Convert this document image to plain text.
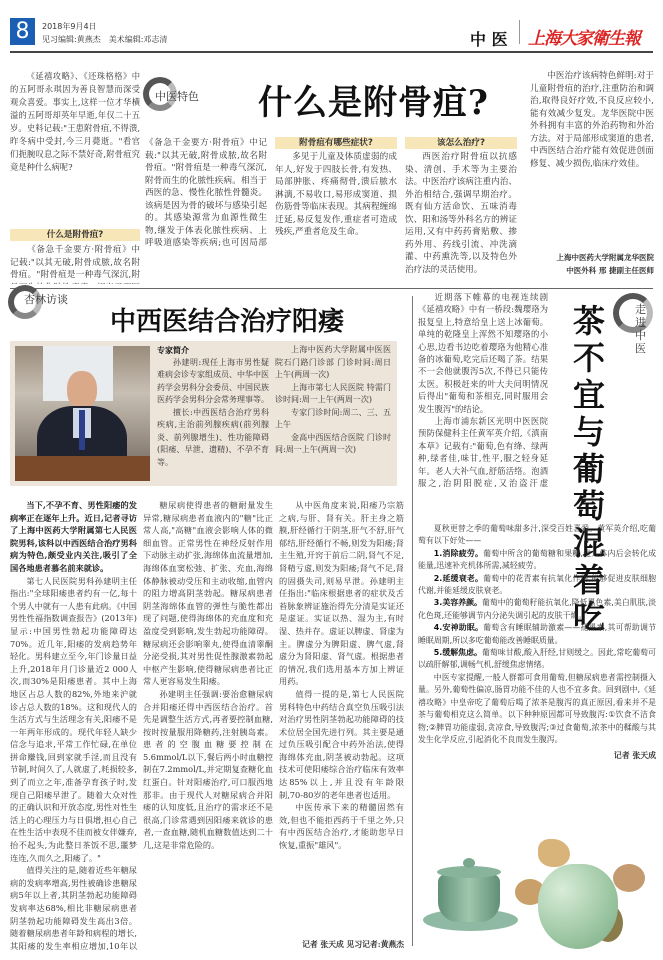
8	2018年9月4日
见习编辑:黄燕杰　美术编辑:邓志清	中 医 上海大家衛生報

《延禧攻略》、《还珠格格》中的五阿哥永琪因为善良智慧而深受观众喜爱。事实上,这样一位才华横溢的五阿哥却英年早逝,年仅二十五岁。史料记载:"王患附骨疽,不得溃,昨冬病中受封,今三月薨逝。"看官们扼腕叹息之际不禁好奇,附骨疽究竟是种什么病呢?

什么是附骨疽?

《备急千金要方·附骨疽》中记载:"以其无破,附骨成脓,故名附骨疽。"附骨疽是一种毒气深沉,附

中医特色 什么是附骨疽?

《备急千金要方·附骨疽》中记载:"以其无破,附骨成脓,故名附骨疽。"附骨疽是一种毒气深沉,附骨而生的化脓性疾病。相当于西医的急、慢性化脓性骨髓炎。该病是因为骨的破坏与感染引起的。其感染源常为血源性微生物,继发于体表化脓性疾病、上呼吸道感染等疾病;也可因局部

附骨疽有哪些症状?

多见于儿童及体质虚弱的成年人,好发于四肢长骨,有发热、局部肿胀、疼痛彻骨,溃后脓水淋漓,不易收口,易形成窦道、损伤筋骨等临床表现。其病程缠绵迁延,易反复发作,重症者可造成残疾,严重者危及生命。

该怎么治疗?

西医治疗附骨疽以抗感染、清创、手术等为主要治法。中医治疗该病注重内治、外治相结合,强调早期治疗。既有仙方活命饮、五味消毒饮、阳和汤等外科名方的辨证运用,又有中药药膏贴敷、掺药外用、药线引流、冲洗滴灌、中药熏洗等,以及特色外治疗法的灵活使用。

中医治疗该病特色鲜明:对于儿童附骨疽的治疗,注重防治和调治,取得良好疗效,不良反应较小,能有效减少复发。龙华医院中医外科拥有丰富的外治药物和外治方法。对于局部形成窦道的患者,中西医结合治疗能有效促进创面修复、减少损伤,临床疗效佳。

上海中医药大学附属龙华医院
中医外科 邢 捷副主任医师
杏林访谈
中西医结合治疗阳痿
专家简介

孙建明:现任上海市男性疑难病会诊专家组成员、中华中医药学会男科分会委员、中国民族医药学会男科分会常务理事等。

擅长:中西医结合治疗男科疾病,主治前列腺疾病(前列腺炎、前列腺增生)、性功能障碍(阳痿、早泄、遗精)、不孕不育等。

上海中医药大学附属中医医院石门路门诊部 门诊时间:周日上午(两周一次)

上海市第七人民医院 特需门诊时间:周一上午(两周一次)

专家门诊时间:周二、三、五上午

金高中西医结合医院 门诊时间:周一上午(两周一次)

当下,不孕不育、男性阳痿的发病率正在逐年上升。近日,记者寻访了上海中医药大学附属第七人民医院男科,该科以中西医结合治疗男科病为特色,颇受业内关注,吸引了全国各地患者慕名前来就诊。

第七人民医院男科孙建明主任指出:"全球阳痿患者约有一亿,每十个男人中就有一人患有此病。《中国男性性福指数调查报告》(2013年)显示:中国男性勃起功能障碍达70%。近几年,阳痿的发病趋势年轻化。男科建立至今,年门诊量日益上升,2018年月门诊量近2 000人次,而30%是阳痿患者。其中上海地区占总人数的82%,外地来沪就诊占总人数的18%。这和现代人的生活方式与生活理念有关,阳痿不是一年两年形成的。现代年轻人缺少信念与追求,平常工作忙碌,在单位拼命赚钱,回到家就手淫,而且没有节制,时间久了,人就虚了,耗损较多,到了而立之年,准备孕育孩子时,发现自己阳痿早泄了。随着大众对性的正确认识和开放态度,男性对性生活上的心理压力与日俱增,担心自己在性生活中表现不佳而被女伴嫌弃,抬不起头,为此整日茶饭不思,噩梦连连,久而久之,阳痿了。"

值得关注的是,随着近些年糖尿病的发病率增高,男性被确诊患糖尿病5年以上者,其阴茎勃起功能障碍发病率达68%,相比非糖尿病患者阴茎勃起功能障碍发生高出3倍。随着糖尿病患者年龄和病程的增长,其阳痿的发生率相应增加,10年以

糖尿病使得患者的糖耐量发生异常,糖尿病患者血液内的"糖"比正常人高,"高糖"血液会影响人体的微细血管。正常男性在神经反射作用下动脉主动扩张,海绵体血流量增加,海绵体血窦松弛、扩张、充血,海绵体静脉被动受压和主动收缩,血管内的阻力增高阴茎勃起。糖尿病患者阴茎海绵体血管的弹性与脆性都出现了问题,使得海绵体的充血度和充盈度受到影响,发生勃起功能障碍。糖尿病还会影响睾丸,使得血清睾酮分泌受损,其对男性促性腺激素勃起中枢产生影响,使得糖尿病患者比正常人更容易发生阳痿。

孙建明主任强调:要治愈糖尿病合并阳痿还得中西医结合治疗。首先是调整生活方式,再者要控制血糖,按时按量服用降糖药,注射胰岛素。患者的空腹血糖要控制在5.6mmol/L以下,餐后两小时血糖控制在7.2mmol/L,并定期复查糖化血红蛋白。针对阳痿治疗,可口服西地那非。由于现代人对糖尿病合并阳痿的认知度低,且治疗的需求还不是很高,门诊常遇到因阳痿来就诊的患者,一查血糖,随机血糖数值达到二十几,这是非常危险的。

从中医角度来说,阳痿乃宗筋之病,与肝、肾有关。肝主身之筋膜,肝经循行于阴茎,肝气不舒,肝气郁结,肝经循行不畅,则发为阳痿;肾主生殖,开窍于前后二阴,肾气不足,肾精亏虚,则发为阳痿;肾气不足,肾的固摄失司,则易早泄。孙建明主任指出:"临床根据患者的症状及舌苔脉象辨证施治得先分清是实证还是虚证。实证以热、湿为主,有时湿、热并存。虚证以脾虚、肾虚为主。脾虚分为脾阳虚、脾气虚,肾虚分为肾阳虚、肾气虚。根据患者的情况,我们选用基本方加上辨证用药。

值得一提的是,第七人民医院男科特色中药结合真空负压吸引法对治疗男性阴茎勃起功能障碍的技术位居全国先进行列。其主要是通过负压吸引配合中药外治法,使得海绵体充血,阴茎被动勃起。这项技术可使阳痿综合治疗临床有效率达85%以上,并且没有年龄限制,70-80岁的老年患者也适用。

中医传承下来的精髓固然有效,但也不能拒西药于千里之外,只有中西医结合治疗,才能助您早日恢复,重振"雄风"。

记者 张天成 见习记者:黄燕杰
走进中医
茶不宜与葡萄混着吃

近期落下帷幕的电视连续剧《延禧攻略》中有一桥段:魏璎珞为报复皇上,特意给皇上送上冰葡萄。单纯的乾隆皇上浑然不知璎珞的小心思,边看书边吃着璎珞为他精心准备的冰葡萄,吃完后还喝了茶。结果不一会他就腹泻5次,不得已只能传太医。积极赶来的叶大夫问明情况后得出"葡萄和茶相克,同时服用会发生腹泻"的结论。

上海市浦东新区光明中医医院预防保健科主任黄军英介绍,《滇南本草》记载有:"葡萄,色有绛、绿两种,绿者佳,味甘,性平,服之轻身延年。老人大补气血,舒筋活络。泡酒服之,治阴阳脱症,又治盗汗虚

夏秋更替之季的葡萄味甜多汁,深受百姓喜爱。黄军英介绍,吃葡萄有以下好处——

1.消除疲劳。葡萄中所含的葡萄糖和果糖,进入体内后会转化成能量,迅速补充机体所需,减轻疲劳。

2.延缓衰老。葡萄中的花青素有抗氧化作用,能够促进皮肤细胞代谢,并能延缓皮肤衰老。

3.美容养颜。葡萄中的葡萄籽能抗氧化,降低黑色素,美白肌肤,淡化色斑,还能够调节内分泌失调引起的皮肤干燥。

4.安神助眠。葡萄含有睡眠辅助激素——褪黑素,其可帮助调节睡眠周期,所以多吃葡萄能改善睡眠质量。

5.缓解焦虑。葡萄味甘酸,酸入肝经,甘则缓之。因此,常吃葡萄可以疏肝解郁,调畅气机,舒缓焦虑情绪。

中医专家提醒,一般人群都可食用葡萄,但糖尿病患者需控制摄入量。另外,葡萄性偏凉,肠胃功能不佳的人也不宜多食。回到剧中,《延禧攻略》中皇帝吃了葡萄后喝了浓茶是腹泻的真正原因,看来并不是茶与葡萄相克这么简单。以下种种原因都可导致腹泻:①饮食不洁食物;②脾胃功能虚弱,贪凉食,导致腹泻;③过食葡萄,浓茶中的鞣酸与其发生化学反应,引起消化不良而发生腹泻。

记者 张天成
